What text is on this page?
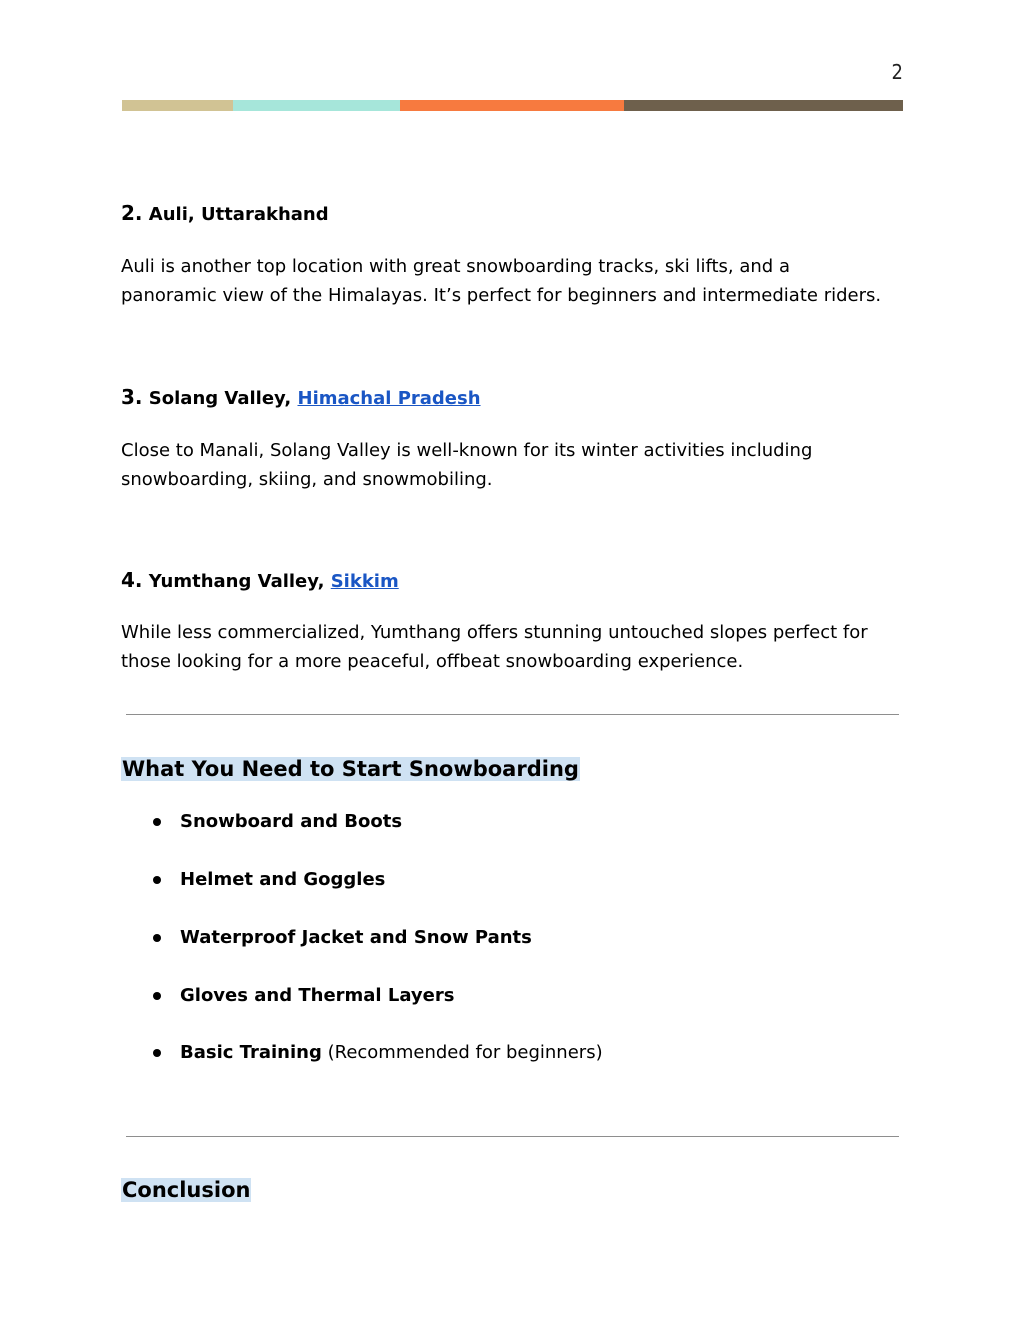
2
2. Auli, Uttarakhand
Auli is another top location with great snowboarding tracks, ski lifts, and a
panoramic view of the Himalayas. It’s perfect for beginners and intermediate riders.
3. Solang Valley, Himachal Pradesh
Close to Manali, Solang Valley is well-known for its winter activities including
snowboarding, skiing, and snowmobiling.
4. Yumthang Valley, Sikkim
While less commercialized, Yumthang offers stunning untouched slopes perfect for
those looking for a more peaceful, offbeat snowboarding experience.
What You Need to Start Snowboarding
Snowboard and Boots
Helmet and Goggles
Waterproof Jacket and Snow Pants
Gloves and Thermal Layers
Basic Training (Recommended for beginners)
Conclusion
